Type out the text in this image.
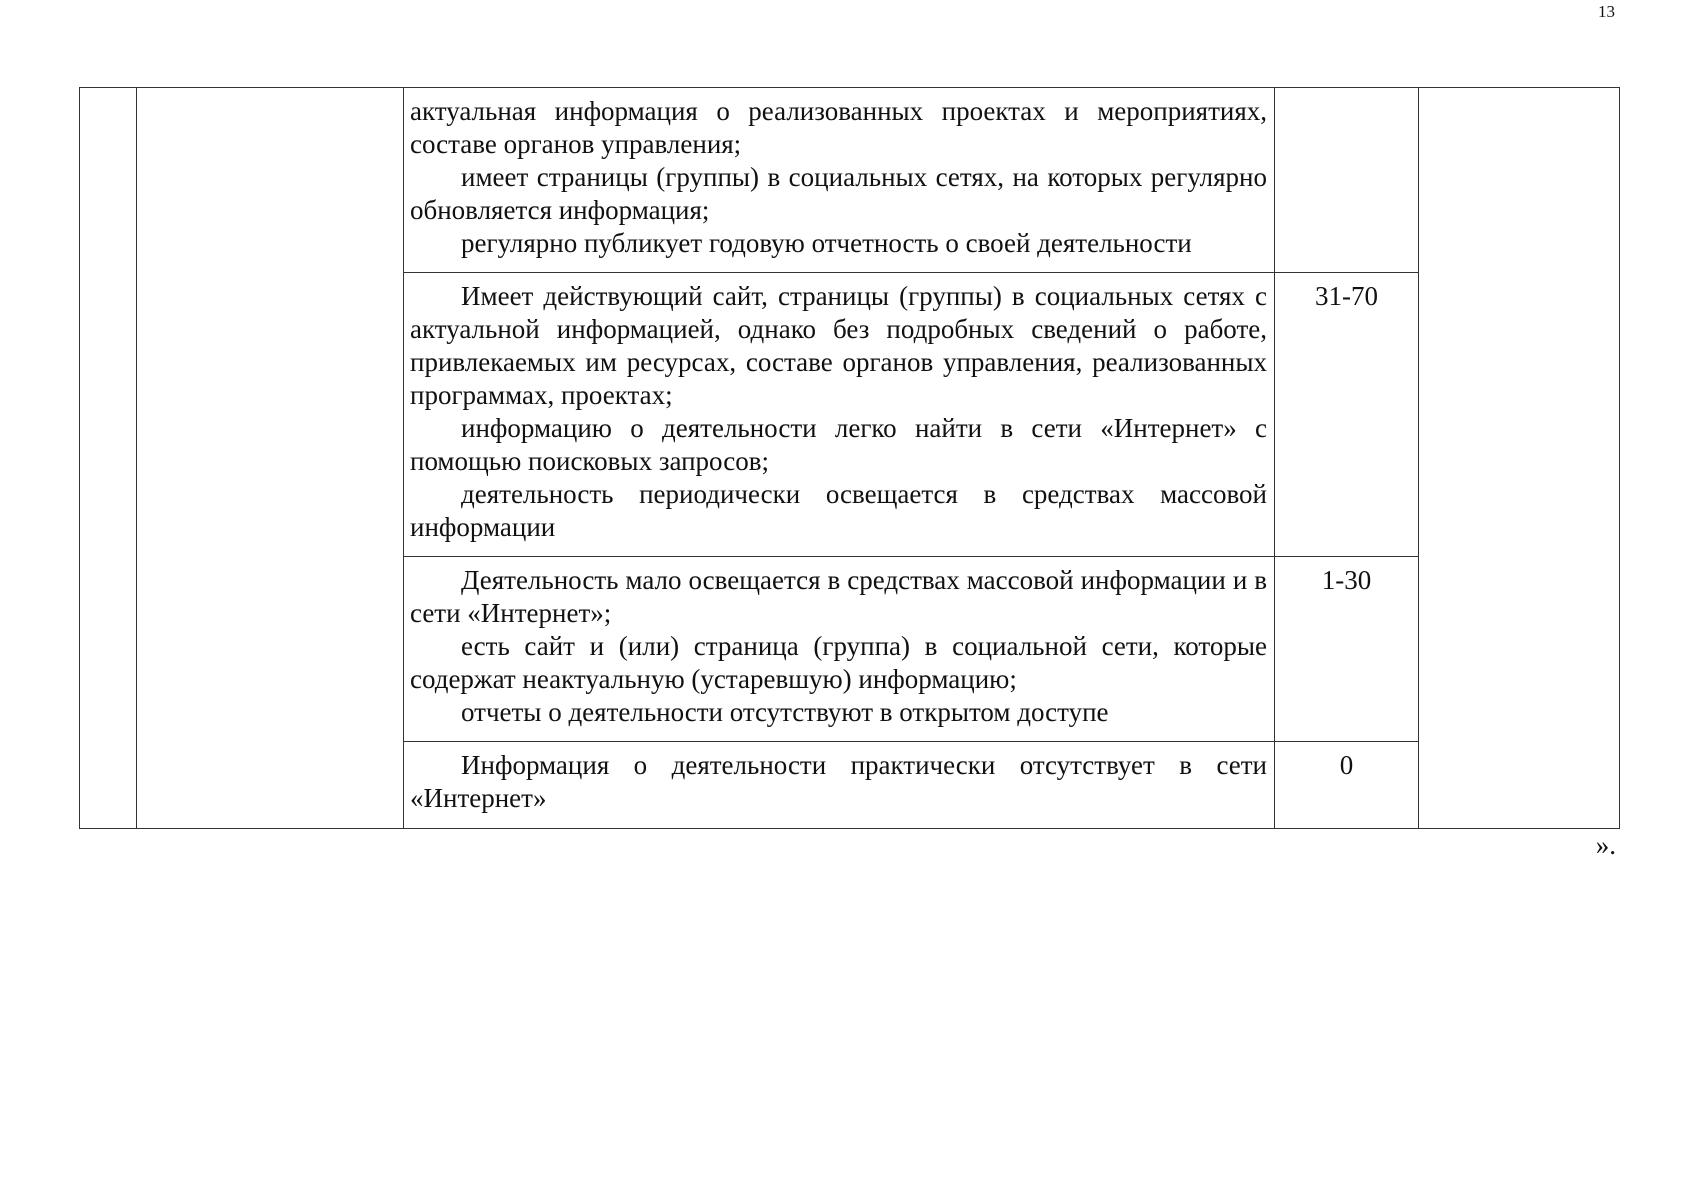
13

		актуальная информация о реализованных проектах и мероприятиях, составе органов управления;

имеет страницы (группы) в социальных сетях, на которых регулярно обновляется информация;

регулярно публикует годовую отчетность о своей деятельности		

		Имеет действующий сайт, страницы (группы) в социальных сетях с актуальной информацией, однако без подробных сведений о работе, привлекаемых им ресурсах, составе органов управления, реализованных программах, проектах;

информацию о деятельности легко найти в сети «Интернет» с помощью поисковых запросов;

деятельность периодически освещается в средствах массовой информации	31-70	

		Деятельность мало освещается в средствах массовой информации и в сети «Интернет»;

есть сайт и (или) страница (группа) в социальной сети, которые содержат неактуальную (устаревшую) информацию;

отчеты о деятельности отсутствуют в открытом доступе	1-30	

		Информация о деятельности практически отсутствует в сети «Интернет»	0	
».
